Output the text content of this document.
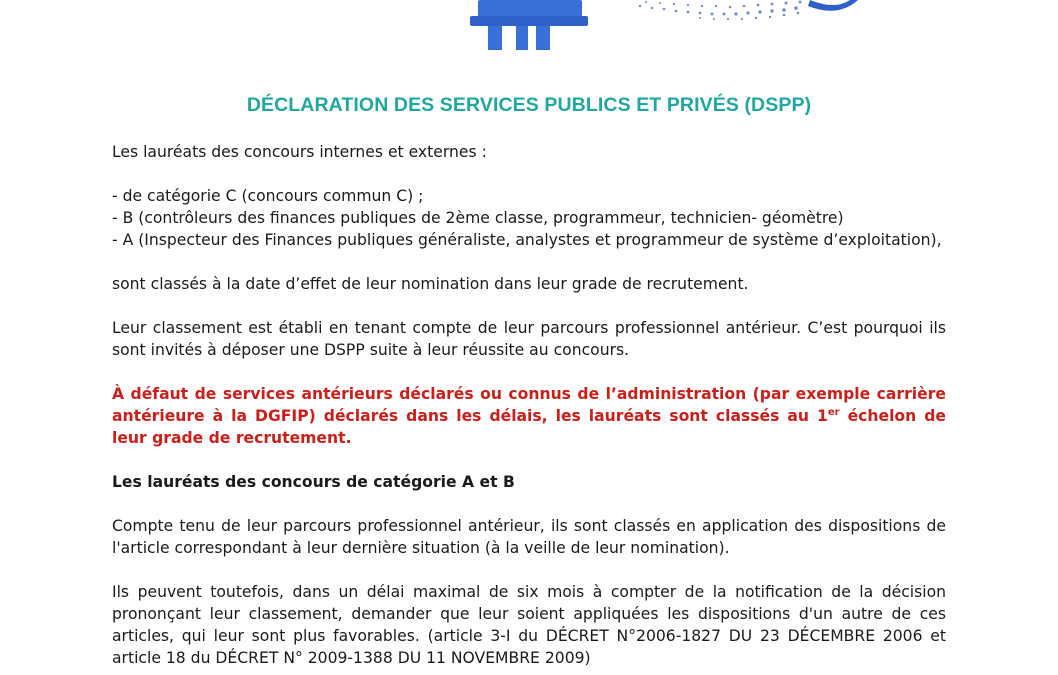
DÉCLARATION DES SERVICES PUBLICS ET PRIVÉS (DSPP)

Les lauréats des concours internes et externes :

- de catégorie C (concours commun C) ;
- B (contrôleurs des finances publiques de 2ème classe, programmeur, technicien- géomètre)

- A (Inspecteur des Finances publiques généraliste, analystes et programmeur de système d’exploitation),

sont classés à la date d’effet de leur nomination dans leur grade de recrutement.

Leur classement est établi en tenant compte de leur parcours professionnel antérieur. C’est pourquoi ils sont invités à déposer une DSPP suite à leur réussite au concours.

À défaut de services antérieurs déclarés ou connus de l’administration (par exemple carrière antérieure à la DGFIP) déclarés dans les délais, les lauréats sont classés au 1er échelon de leur grade de recrutement.

Les lauréats des concours de catégorie A et B

Compte tenu de leur parcours professionnel antérieur, ils sont classés en application des dispositions de l'article correspondant à leur dernière situation (à la veille de leur nomination).

Ils peuvent toutefois, dans un délai maximal de six mois à compter de la notification de la décision prononçant leur classement, demander que leur soient appliquées les dispositions d'un autre de ces articles, qui leur sont plus favorables. (article 3-I du DÉCRET N°2006-1827 DU 23 DÉCEMBRE 2006 et article 18 du DÉCRET N° 2009-1388 DU 11 NOVEMBRE 2009)
